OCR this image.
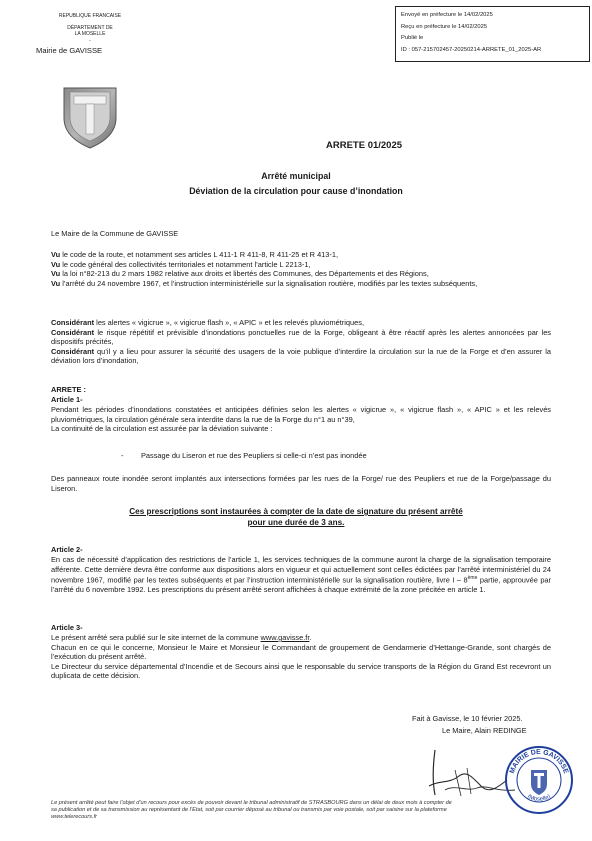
REPUBLIQUE FRANCAISE
DÉPARTEMENT DE
LA MOSELLE
-
Mairie de GAVISSE
Envoyé en préfecture le 14/02/2025
Reçu en préfecture le 14/02/2025
Publié le
ID : 057-215702457-20250214-ARRETE_01_2025-AR
ARRETE 01/2025
Arrêté municipal
Déviation de la circulation pour cause d’inondation
Le Maire de la Commune de GAVISSE

Vu le code de la route, et notamment ses articles L 411-1 R 411-8, R 411-25 et R 413-1,

Vu le code général des collectivités territoriales et notamment l’article L 2213-1,

Vu la loi n°82-213 du 2 mars 1982 relative aux droits et libertés des Communes, des Départements et des Régions,

Vu l’arrêté du 24 novembre 1967, et l’instruction interministérielle sur la signalisation routière, modifiés par les textes subséquents,

Considérant les alertes « vigicrue », « vigicrue flash », « APIC » et les relevés pluviométriques,

Considérant le risque répétitif et prévisible d’inondations ponctuelles rue de la Forge, obligeant à être réactif après les alertes annoncées par les dispositifs précités,

Considérant qu’il y a lieu pour assurer la sécurité des usagers de la voie publique d’interdire la circulation sur la rue de la Forge et d’en assurer la déviation lors d’inondation,

ARRETE :
Article 1-

Pendant les périodes d’inondations constatées et anticipées définies selon les alertes « vigicrue », « vigicrue flash », « APIC » et les relevés pluviométriques, la circulation générale sera interdite dans la rue de la Forge du n°1 au n°39,

La continuité de la circulation est assurée par la déviation suivante :

- Passage du Liseron et rue des Peupliers si celle-ci n’est pas inondée
Des panneaux route inondée seront implantés aux intersections formées par les rues de la Forge/ rue des Peupliers et rue de la Forge/passage du Liseron.
Ces prescriptions sont instaurées à compter de la date de signature du présent arrêté
pour une durée de 3 ans.
Article 2-
En cas de nécessité d’application des restrictions de l’article 1, les services techniques de la commune auront la charge de la signalisation temporaire afférente. Cette dernière devra être conforme aux dispositions alors en vigueur et qui actuellement sont celles édictées par l’arrêté interministériel du 24 novembre 1967, modifié par les textes subséquents et par l’instruction interministérielle sur la signalisation routière, livre I – 8ème partie, approuvée par l’arrêté du 6 novembre 1992. Les prescriptions du présent arrêté seront affichées à chaque extrémité de la zone précitée en article 1.
Article 3-

Le présent arrêté sera publié sur le site internet de la commune www.gavisse.fr.

Chacun en ce qui le concerne, Monsieur le Maire et Monsieur le Commandant de groupement de Gendarmerie d’Hettange-Grande, sont chargés de l’exécution du présent arrêté.

Le Directeur du service départemental d’Incendie et de Secours ainsi que le responsable du service transports de la Région du Grand Est recevront un duplicata de cette décision.

Fait à Gavisse, le 10 février 2025.
Le Maire, Alain REDINGE
MAIRIE DE GAVISSE
(Moselle)
Le présent arrêté peut faire l’objet d’un recours pour excès de pouvoir devant le tribunal administratif de STRASBOURG dans un délai de deux mois à compter de
sa publication et de sa transmission au représentant de l’Etat, soit par courrier déposé au tribunal ou transmis par voie postale, soit par saisine sur la plateforme
www.telerecours.fr
